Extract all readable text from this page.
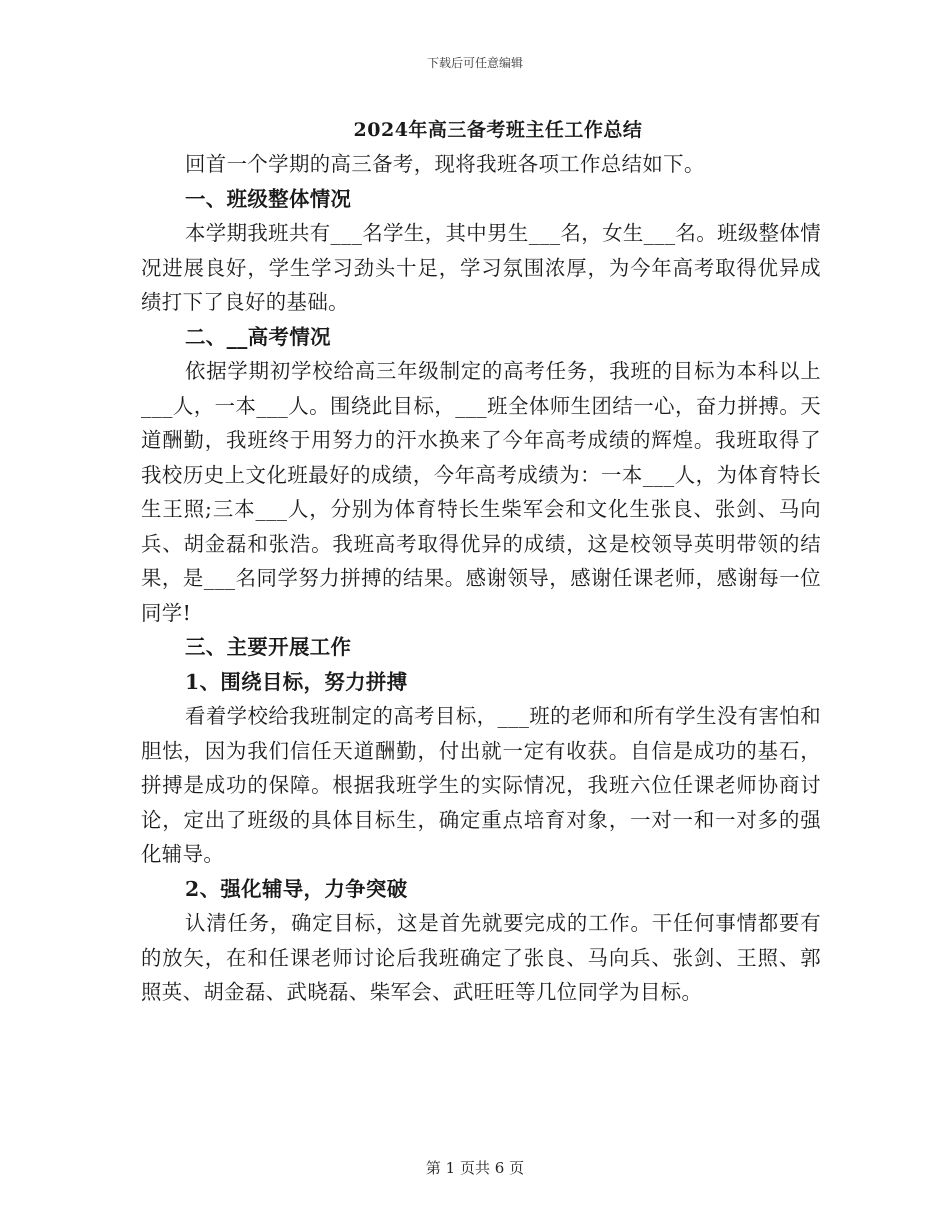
下载后可任意编辑
2024年高三备考班主任工作总结

回首一个学期的高三备考，现将我班各项工作总结如下。

一、班级整体情况

本学期我班共有___名学生，其中男生___名，女生___名。班级整体情况进展良好，学生学习劲头十足，学习氛围浓厚，为今年高考取得优异成绩打下了良好的基础。

二、__高考情况

依据学期初学校给高三年级制定的高考任务，我班的目标为本科以上___人，一本___人。围绕此目标，___班全体师生团结一心，奋力拼搏。天道酬勤，我班终于用努力的汗水换来了今年高考成绩的辉煌。我班取得了我校历史上文化班最好的成绩，今年高考成绩为：一本___人，为体育特长生王照;三本___人，分别为体育特长生柴军会和文化生张良、张剑、马向兵、胡金磊和张浩。我班高考取得优异的成绩，这是校领导英明带领的结果，是___名同学努力拼搏的结果。感谢领导，感谢任课老师，感谢每一位同学!

三、主要开展工作

1、围绕目标，努力拼搏

看着学校给我班制定的高考目标，___班的老师和所有学生没有害怕和胆怯，因为我们信任天道酬勤，付出就一定有收获。自信是成功的基石，拼搏是成功的保障。根据我班学生的实际情况，我班六位任课老师协商讨论，定出了班级的具体目标生，确定重点培育对象，一对一和一对多的强化辅导。

2、强化辅导，力争突破

认清任务，确定目标，这是首先就要完成的工作。干任何事情都要有的放矢，在和任课老师讨论后我班确定了张良、马向兵、张剑、王照、郭照英、胡金磊、武晓磊、柴军会、武旺旺等几位同学为目标。

第 1 页共 6 页
